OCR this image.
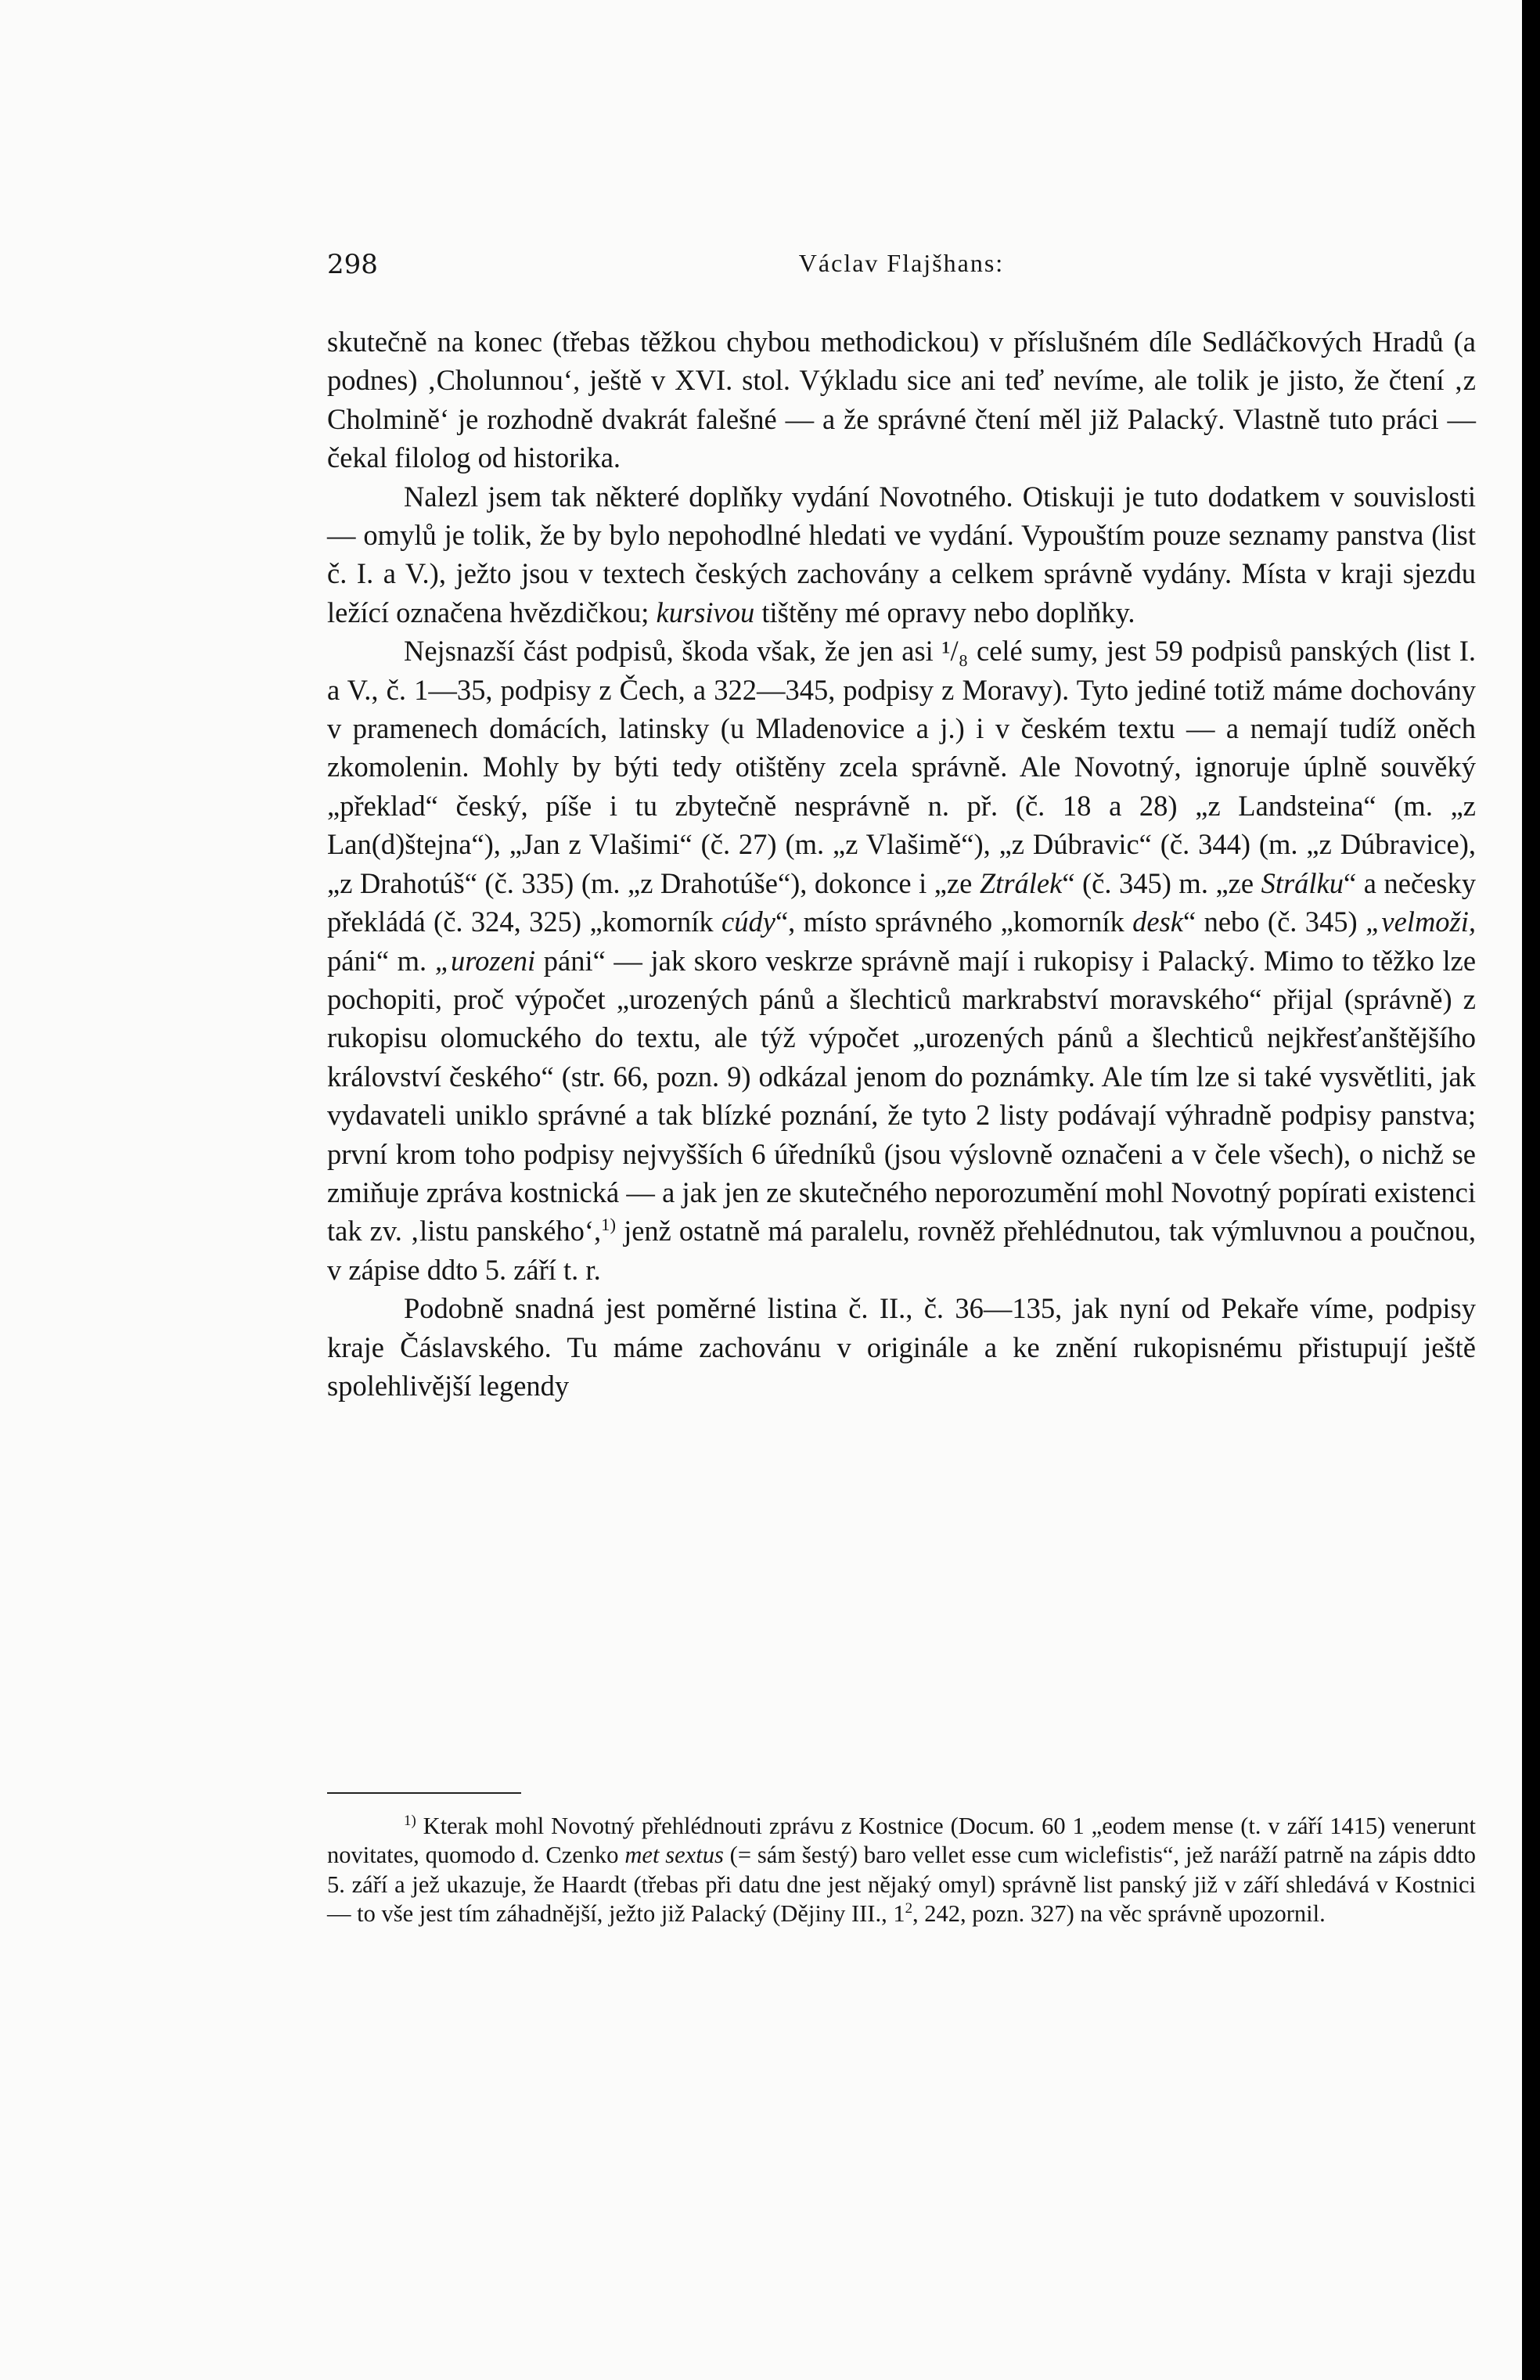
298	Václav Flajšhans:

skutečně na konec (třebas těžkou chybou methodickou) v příslušném díle Sedláčkových Hradů (a podnes) ‚Cholunnou‘, ještě v XVI. stol. Výkladu sice ani teď nevíme, ale tolik je jisto, že čtení ‚z Cholmině‘ je rozhodně dvakrát falešné — a že správné čtení měl již Palacký. Vlastně tuto práci — čekal filolog od historika.

Nalezl jsem tak některé doplňky vydání Novotného. Otiskuji je tuto dodatkem v souvislosti — omylů je tolik, že by bylo nepohodlné hledati ve vydání. Vypouštím pouze seznamy panstva (list č. I. a V.), ježto jsou v textech českých zachovány a celkem správně vydány. Místa v kraji sjezdu ležící označena hvězdičkou; kursivou tištěny mé opravy nebo doplňky.

Nejsnazší část podpisů, škoda však, že jen asi ¹/₈ celé sumy, jest 59 podpisů panských (list I. a V., č. 1—35, podpisy z Čech, a 322—345, podpisy z Moravy). Tyto jediné totiž máme dochovány v pramenech domácích, latinsky (u Mladenovice a j.) i v českém textu — a nemají tudíž oněch zkomolenin. Mohly by býti tedy otištěny zcela správně. Ale Novotný, ignoruje úplně souvěký „překlad“ český, píše i tu zbytečně nesprávně n. př. (č. 18 a 28) „z Landsteina“ (m. „z Lan(d)štejna“), „Jan z Vlašimi“ (č. 27) (m. „z Vlašimě“), „z Dúbravic“ (č. 344) (m. „z Dúbravice), „z Drahotúš“ (č. 335) (m. „z Drahotúše“), dokonce i „ze Ztrálek“ (č. 345) m. „ze Strálku“ a nečesky překládá (č. 324, 325) „komorník cúdy“, místo správného „komorník desk“ nebo (č. 345) „velmoži, páni“ m. „urozeni páni“ — jak skoro veskrze správně mají i rukopisy i Palacký. Mimo to těžko lze pochopiti, proč výpočet „urozených pánů a šlechticů markrabství moravského“ přijal (správně) z rukopisu olomuckého do textu, ale týž výpočet „urozených pánů a šlechticů nejkřesťanštějšího království českého“ (str. 66, pozn. 9) odkázal jenom do poznámky. Ale tím lze si také vysvětliti, jak vydavateli uniklo správné a tak blízké poznání, že tyto 2 listy podávají výhradně podpisy panstva; první krom toho podpisy nejvyšších 6 úředníků (jsou výslovně označeni a v čele všech), o nichž se zmiňuje zpráva kostnická — a jak jen ze skutečného neporozumění mohl Novotný popírati existenci tak zv. ‚listu panského‘,$^{1)}$ jenž ostatně má paralelu, rovněž přehlédnutou, tak výmluvnou a poučnou, v zápise ddto 5. září t. r.

Podobně snadná jest poměrné listina č. II., č. 36—135, jak nyní od Pekaře víme, podpisy kraje Čáslavského. Tu máme zachovánu v originále a ke znění rukopisnému přistupují ještě spolehlivější legendy

$^{1)}$ Kterak mohl Novotný přehlédnouti zprávu z Kostnice (Docum. 60 1 „eodem mense (t. v září 1415) venerunt novitates, quomodo d. Czenko met sextus (= sám šestý) baro vellet esse cum wiclefistis“, jež naráží patrně na zápis ddto 5. září a jež ukazuje, že Haardt (třebas při datu dne jest nějaký omyl) správně list panský již v září shledává v Kostnici — to vše jest tím záhadnější, ježto již Palacký (Dějiny III., $1^2$, 242, pozn. 327) na věc správně upozornil.
